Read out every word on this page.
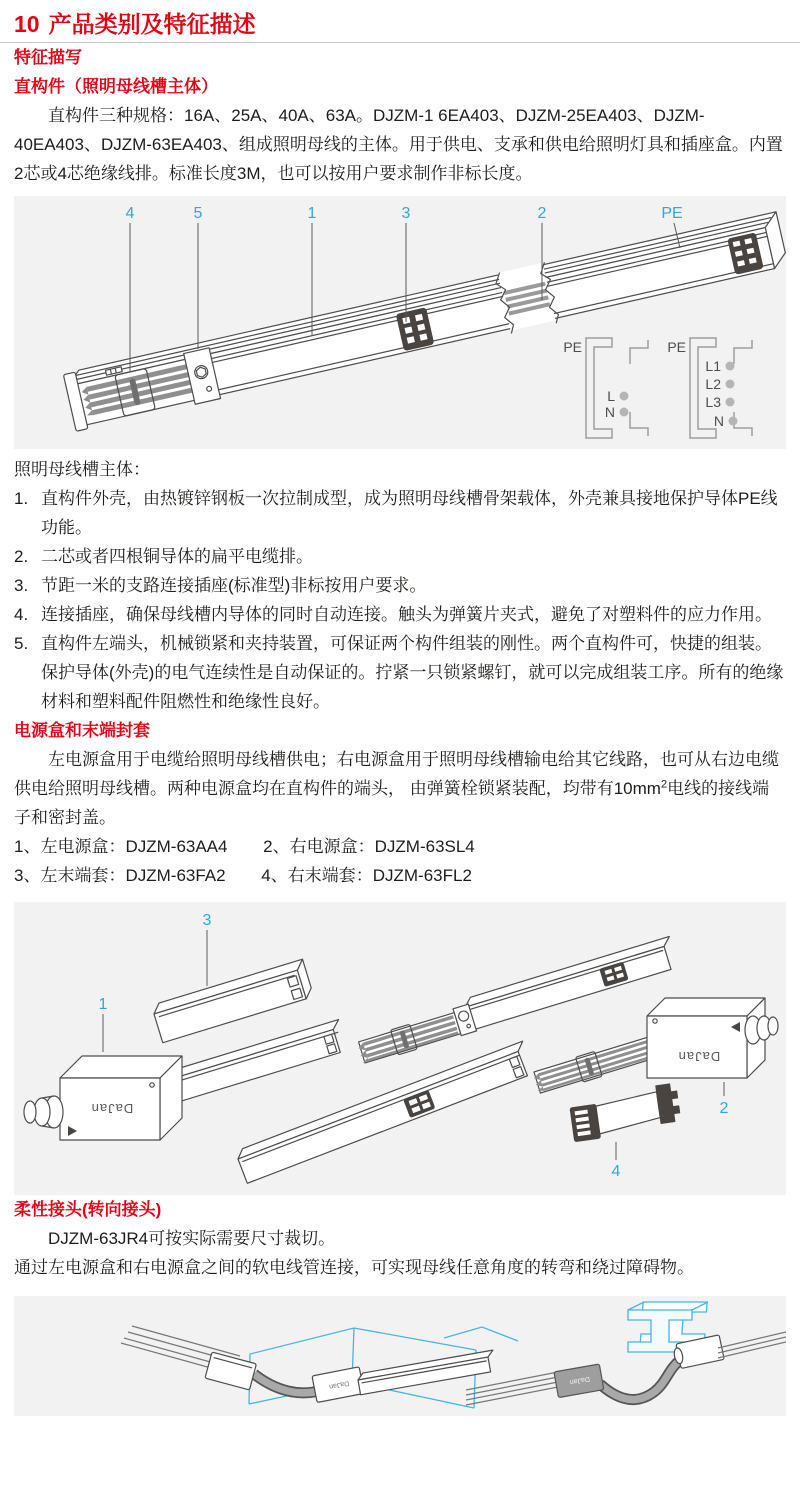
10 产品类别及特征描述
特征描写
直构件（照明母线槽主体）

直构件三种规格：16A、25A、40A、63A。DJZM-1 6EA403、DJZM-25EA403、DJZM-40EA403、DJZM-63EA403、组成照明母线的主体。用于供电、支承和供电给照明灯具和插座盒。内置2芯或4芯绝缘线排。标准长度3M，也可以按用户要求制作非标长度。

L
N
PE
L1
L2
L3
N
PE
4	5	1	3	2	PE

照明母线槽主体：

1. 直构件外壳，由热镀锌钢板一次拉制成型，成为照明母线槽骨架载体，外壳兼具接地保护导体PE线功能。
2. 二芯或者四根铜导体的扁平电缆排。
3. 节距一米的支路连接插座(标准型)非标按用户要求。
4. 连接插座，确保母线槽内导体的同时自动连接。触头为弹簧片夹式，避免了对塑料件的应力作用。
5. 直构件左端头，机械锁紧和夹持装置，可保证两个构件组装的刚性。两个直构件可，快捷的组装。保护导体(外壳)的电气连续性是自动保证的。拧紧一只锁紧螺钉，就可以完成组装工序。所有的绝缘材料和塑料配件阻燃性和绝缘性良好。
电源盒和末端封套

左电源盒用于电缆给照明母线槽供电；右电源盒用于照明母线槽输电给其它线路，也可从右边电缆供电给照明母线槽。两种电源盒均在直构件的端头， 由弹簧栓锁紧装配，均带有$10mm^2$电线的接线端子和密封盖。

1、左电源盒：DJZM-63AA4 2、右电源盒：DJZM-63SL4

3、左末端套：DJZM-63FA2 4、右末端套：DJZM-63FL2

DaJan
DaJan
3
1
2
4
柔性接头(转向接头)

DJZM-63JR4可按实际需要尺寸裁切。

通过左电源盒和右电源盒之间的软电线管连接，可实现母线任意角度的转弯和绕过障碍物。

DaJan	DaJan
